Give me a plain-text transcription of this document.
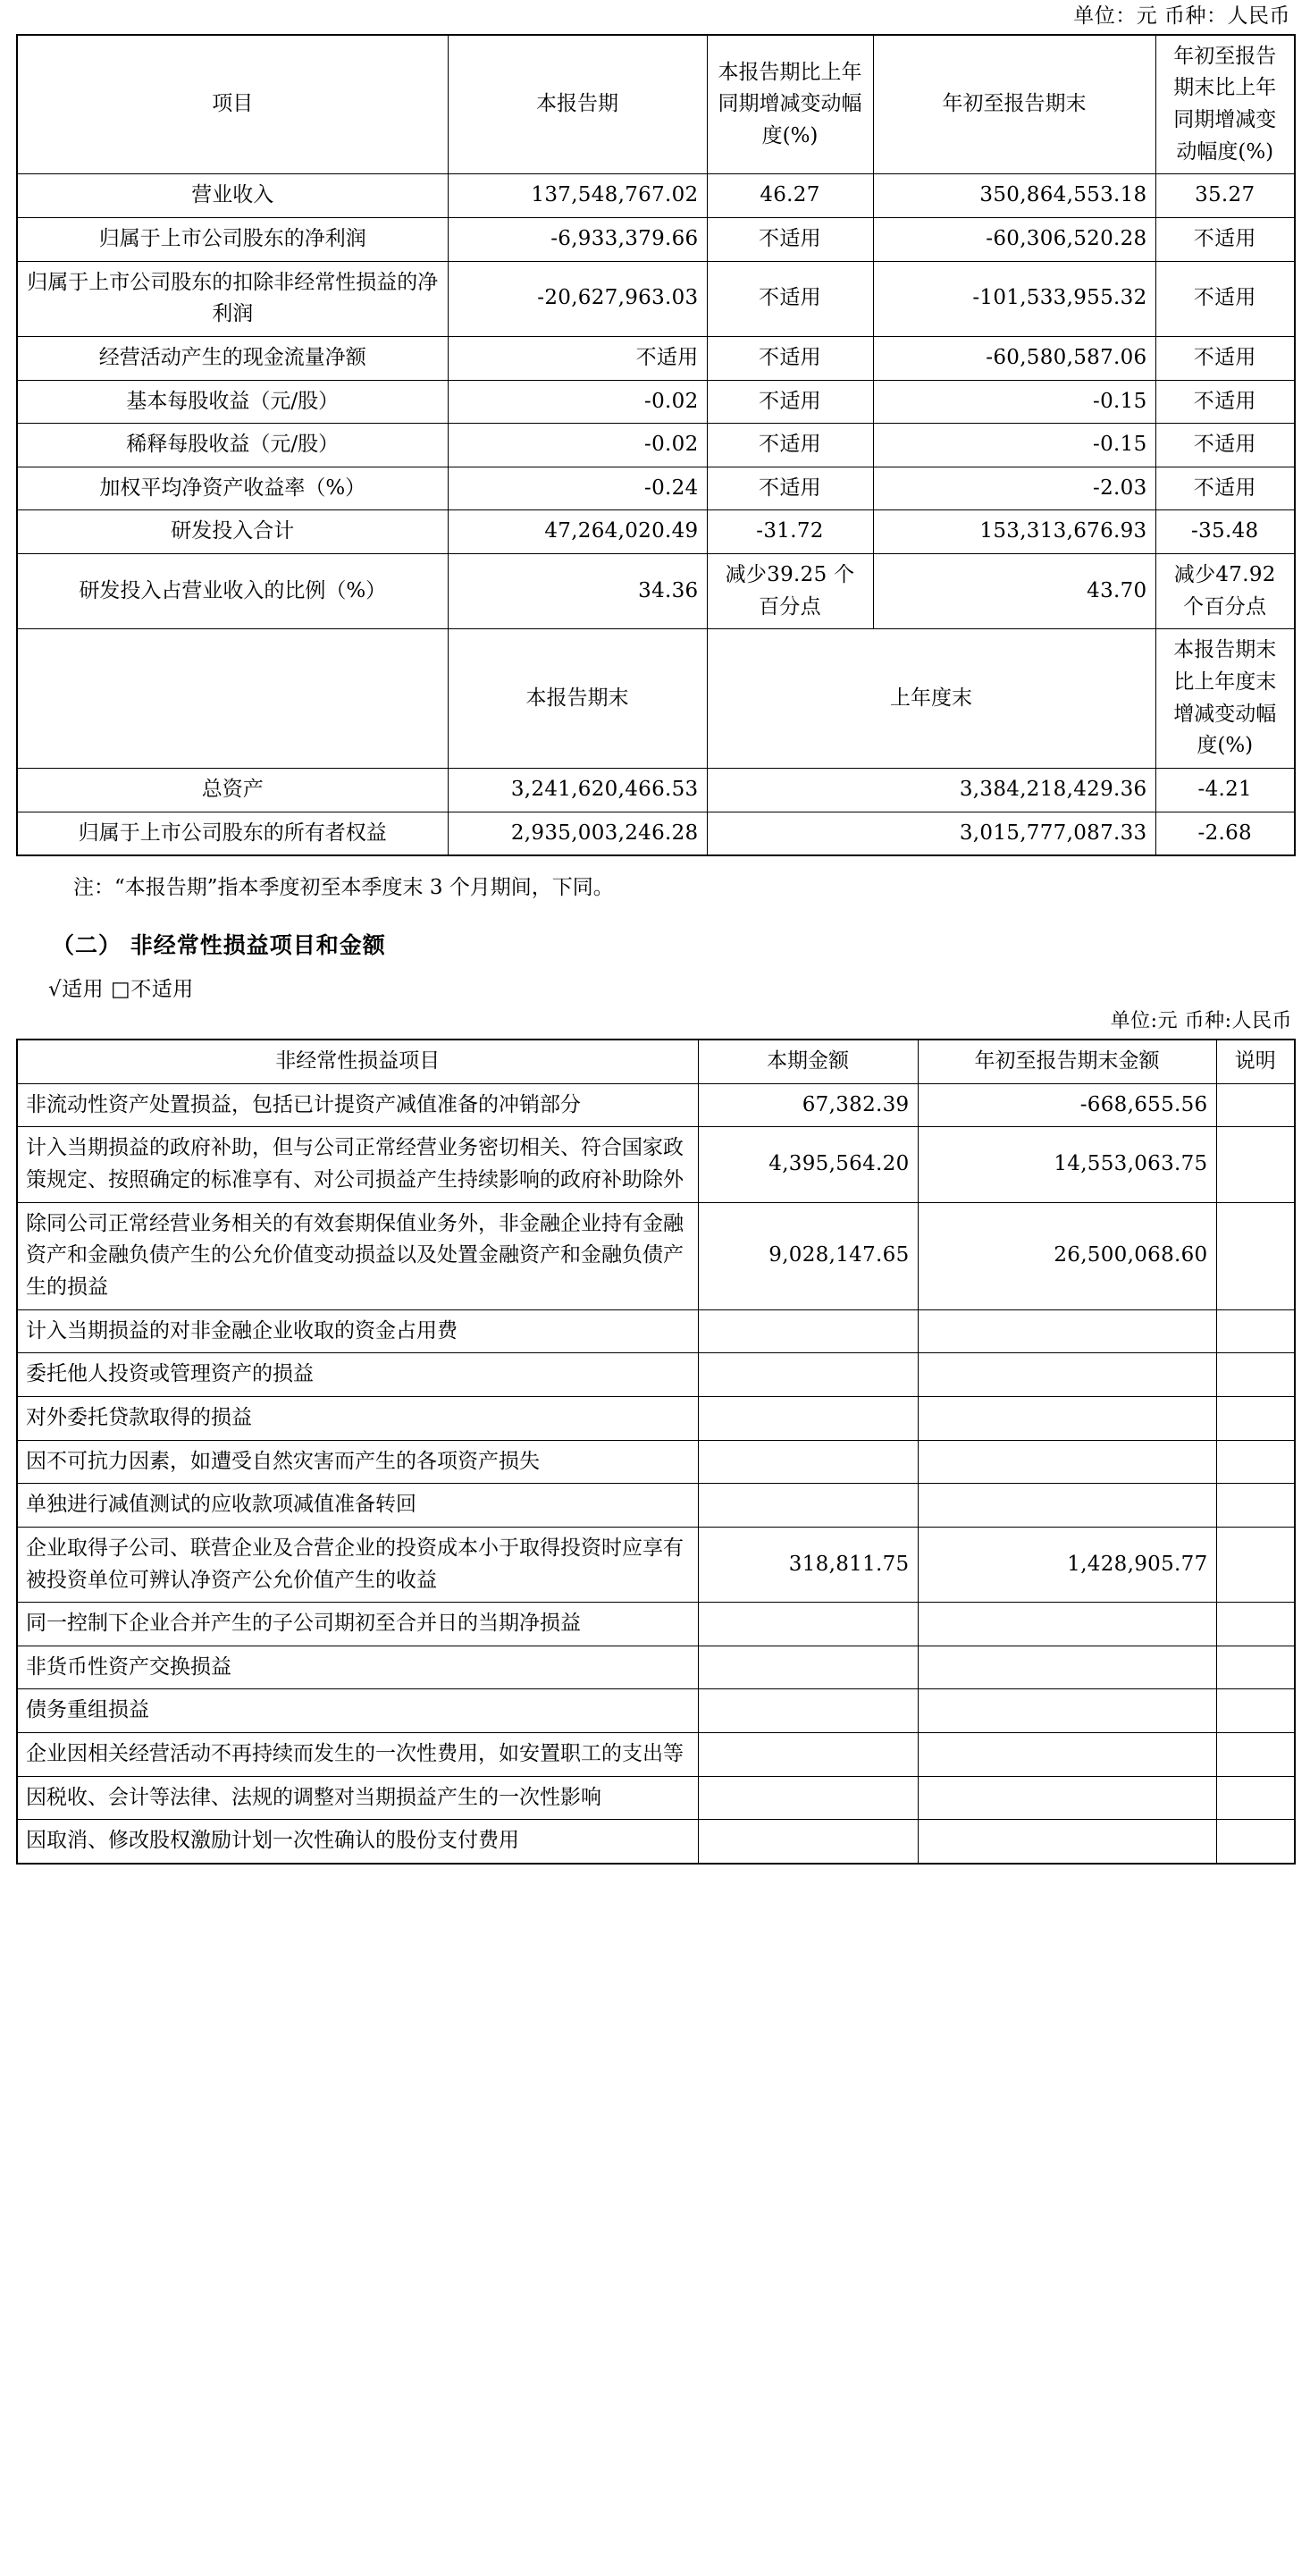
单位：元 币种：人民币

项目	本报告期	本报告期比上年同期增减变动幅度(%)	年初至报告期末	年初至报告期末比上年同期增减变动幅度(%)
营业收入	137,548,767.02	46.27	350,864,553.18	35.27
归属于上市公司股东的净利润	-6,933,379.66	不适用	-60,306,520.28	不适用
归属于上市公司股东的扣除非经常性损益的净利润	-20,627,963.03	不适用	-101,533,955.32	不适用
经营活动产生的现金流量净额	不适用	不适用	-60,580,587.06	不适用
基本每股收益（元/股）	-0.02	不适用	-0.15	不适用
稀释每股收益（元/股）	-0.02	不适用	-0.15	不适用
加权平均净资产收益率（%）	-0.24	不适用	-2.03	不适用
研发投入合计	47,264,020.49	-31.72	153,313,676.93	-35.48
研发投入占营业收入的比例（%）	34.36	减少39.25 个百分点	43.70	减少47.92 个百分点
	本报告期末	上年度末		本报告期末比上年度末增减变动幅度(%)
总资产	3,241,620,466.53	3,384,218,429.36		-4.21
归属于上市公司股东的所有者权益	2,935,003,246.28	3,015,777,087.33		-2.68

注：“本报告期”指本季度初至本季度末 3 个月期间，下同。

（二） 非经常性损益项目和金额

√适用 □不适用

单位:元 币种:人民币

非经常性损益项目	本期金额	年初至报告期末金额	说明
非流动性资产处置损益，包括已计提资产减值准备的冲销部分	67,382.39	-668,655.56	
计入当期损益的政府补助，但与公司正常经营业务密切相关、符合国家政策规定、按照确定的标准享有、对公司损益产生持续影响的政府补助除外	4,395,564.20	14,553,063.75	
除同公司正常经营业务相关的有效套期保值业务外，非金融企业持有金融资产和金融负债产生的公允价值变动损益以及处置金融资产和金融负债产生的损益	9,028,147.65	26,500,068.60	
计入当期损益的对非金融企业收取的资金占用费			
委托他人投资或管理资产的损益			
对外委托贷款取得的损益			
因不可抗力因素，如遭受自然灾害而产生的各项资产损失			
单独进行减值测试的应收款项减值准备转回			
企业取得子公司、联营企业及合营企业的投资成本小于取得投资时应享有被投资单位可辨认净资产公允价值产生的收益	318,811.75	1,428,905.77	
同一控制下企业合并产生的子公司期初至合并日的当期净损益			
非货币性资产交换损益			
债务重组损益			
企业因相关经营活动不再持续而发生的一次性费用，如安置职工的支出等			
因税收、会计等法律、法规的调整对当期损益产生的一次性影响			
因取消、修改股权激励计划一次性确认的股份支付费用			
